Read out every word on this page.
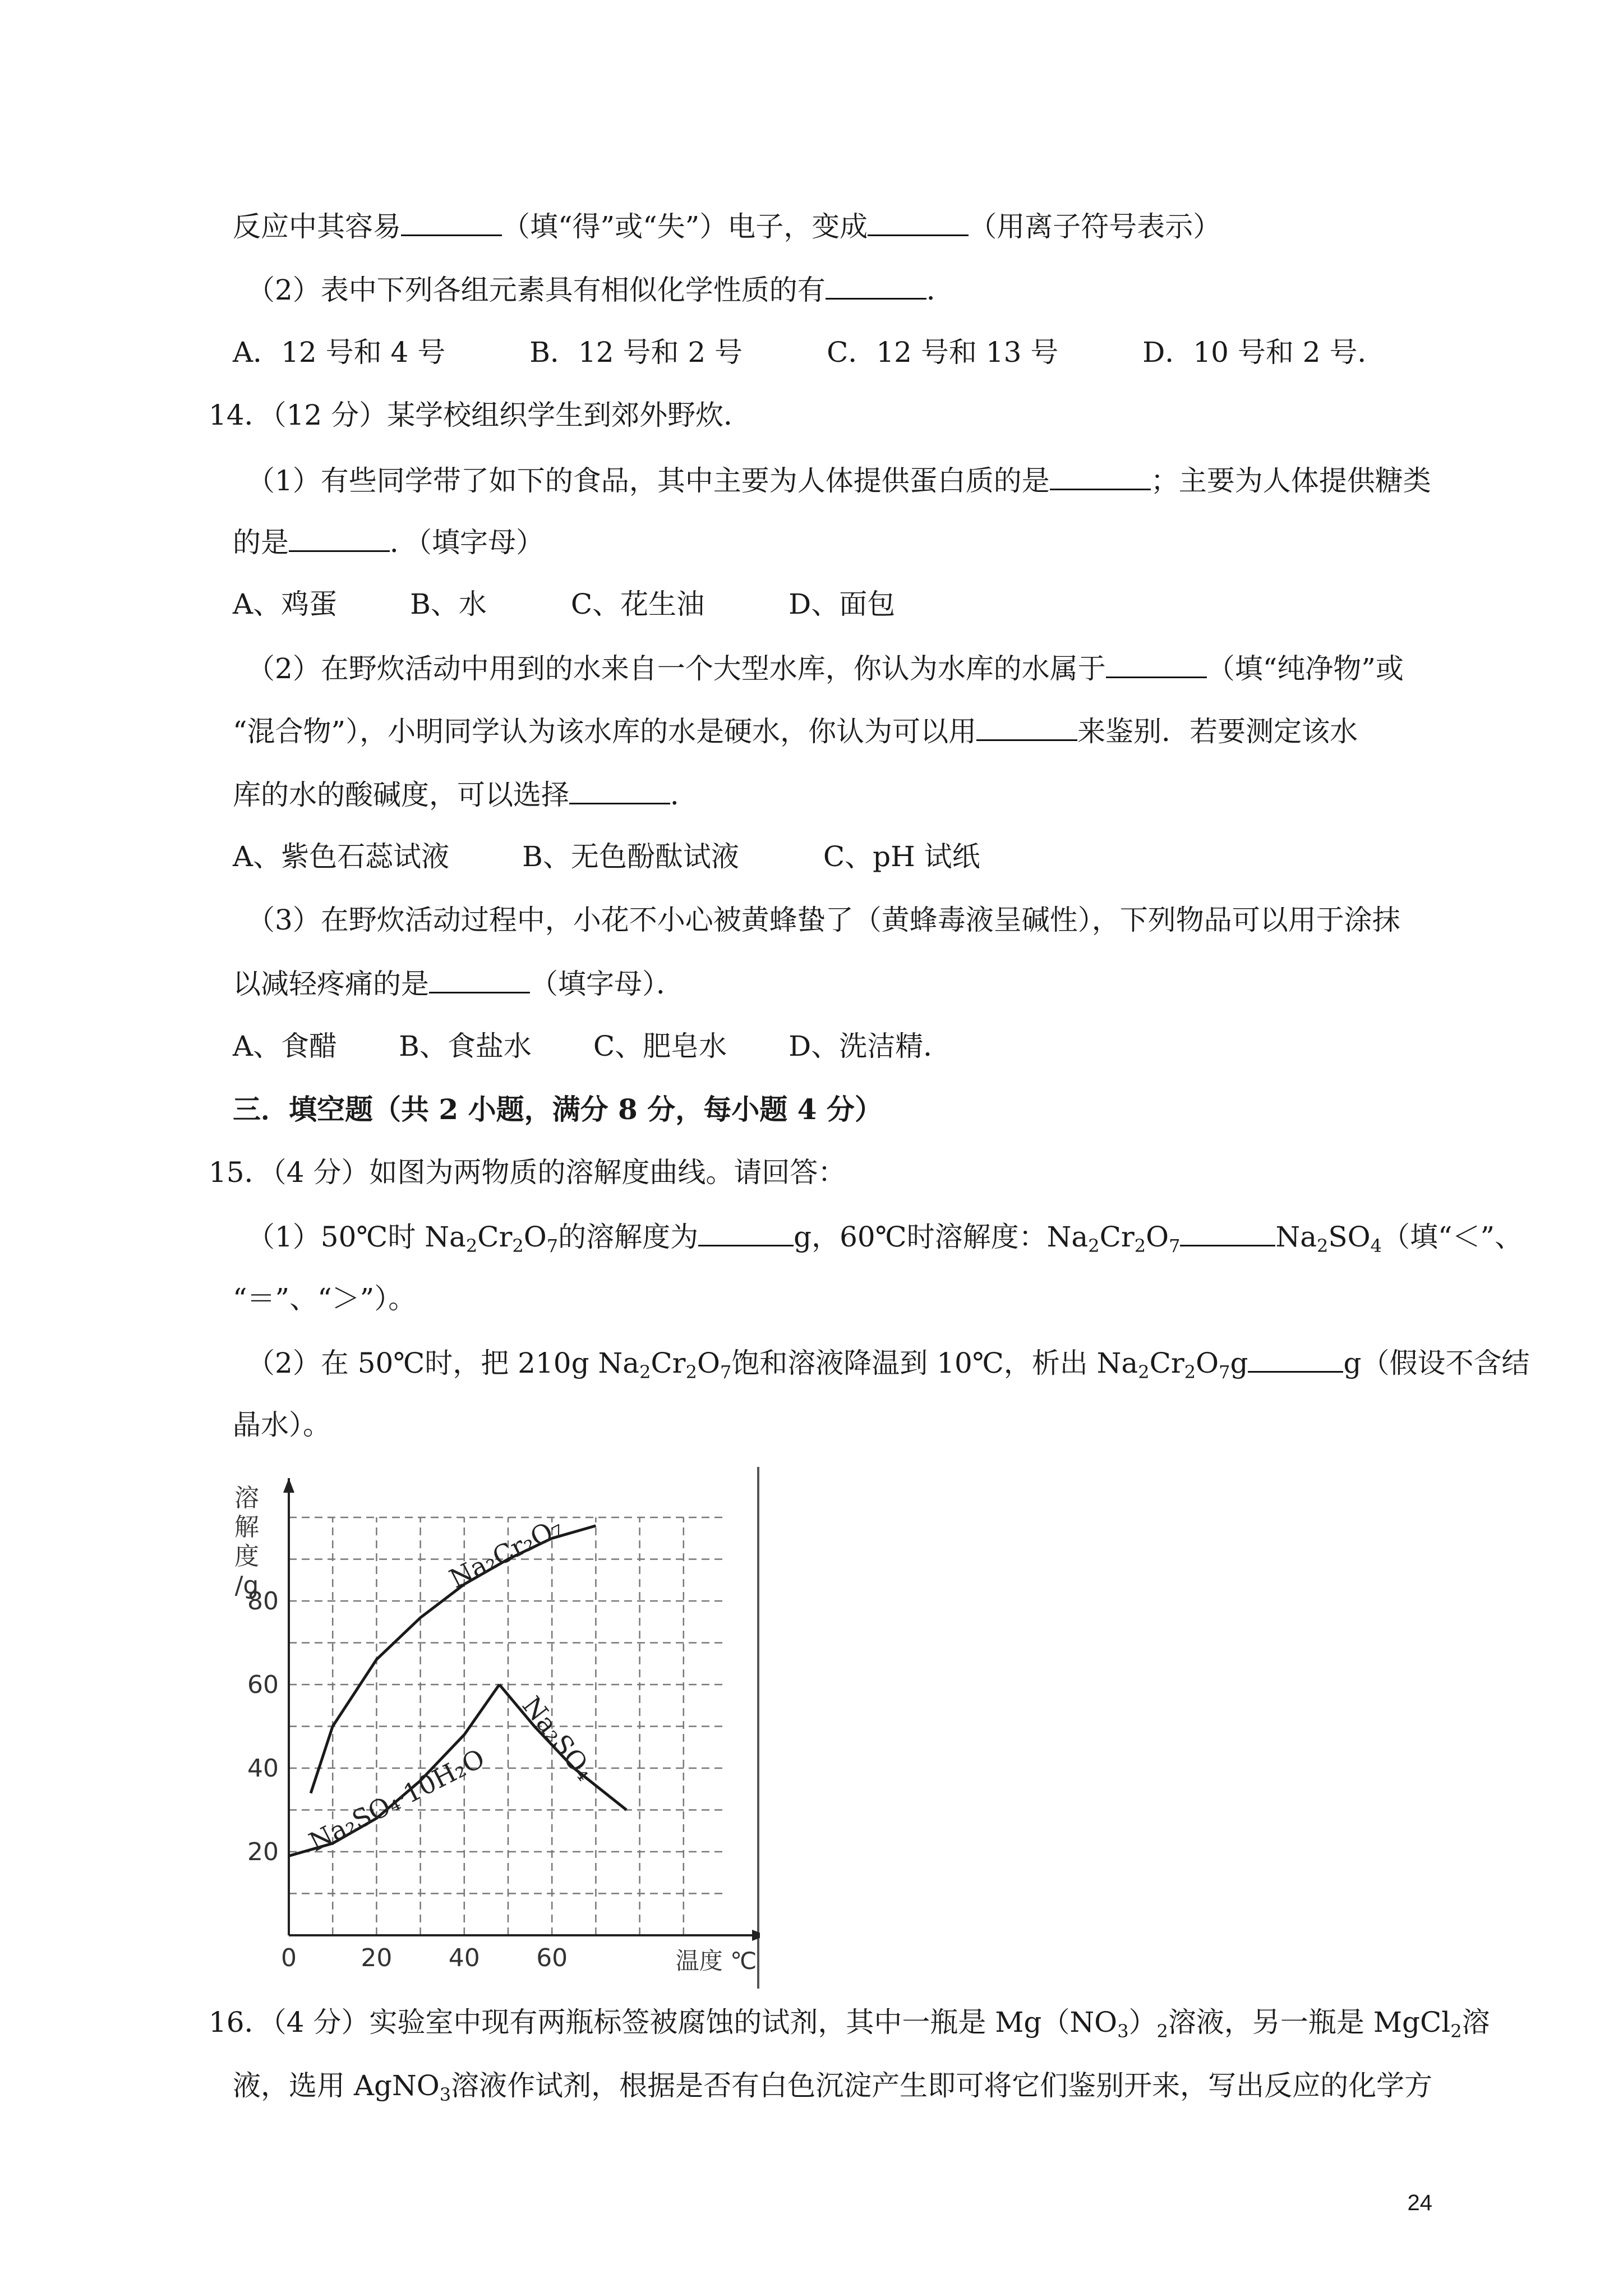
反应中其容易	（填“得”或“失”）电子，变成	（用离子符号表示）
（2）表中下列各组元素具有相似化学性质的有	．
A．12 号和 4 号	B．12 号和 2 号	C．12 号和 13 号	D．10 号和 2 号．
14．（12 分）某学校组织学生到郊外野炊．
（1）有些同学带了如下的食品，其中主要为人体提供蛋白质的是	；主要为人体提供糖类
的是	．（填字母）
A、鸡蛋	B、水	C、花生油	D、面包
（2）在野炊活动中用到的水来自一个大型水库，你认为水库的水属于	（填“纯净物”或
“混合物”），小明同学认为该水库的水是硬水，你认为可以用	来鉴别．若要测定该水
库的水的酸碱度，可以选择	．
A、紫色石蕊试液	B、无色酚酞试液	C、pH 试纸
（3）在野炊活动过程中，小花不小心被黄蜂蛰了（黄蜂毒液呈碱性），下列物品可以用于涂抹
以减轻疼痛的是	（填字母）．
A、食醋 B、食盐水 C、肥皂水 D、洗洁精．
三．填空题（共 2 小题，满分 8 分，每小题 4 分）
15．（4 分）如图为两物质的溶解度曲线。请回答：
（1）50℃时 $Na_2Cr_2O_7$的溶解度为	g，60℃时溶解度：$Na_2Cr_2O_7$	$Na_2SO_4$（填“＜”、
“＝”、“＞”）。
（2）在 50℃时，把 210g $Na_2Cr_2O_7$饱和溶液降温到 10℃，析出 $Na_2Cr_2O_7g$	g（假设不含结
晶水）。
0	20 40 60
20
40
60
80
溶解度/g
温度 ℃
Na₂Cr₂O₇
Na₂SO₄·10H₂O
Na₂SO₄
16．（4 分）实验室中现有两瓶标签被腐蚀的试剂，其中一瓶是 $Mg(NO_3)_2$溶液，另一瓶是 MgCl$_2$溶
液，选用 AgNO$_3$溶液作试剂，根据是否有白色沉淀产生即可将它们鉴别开来，写出反应的化学方
24
